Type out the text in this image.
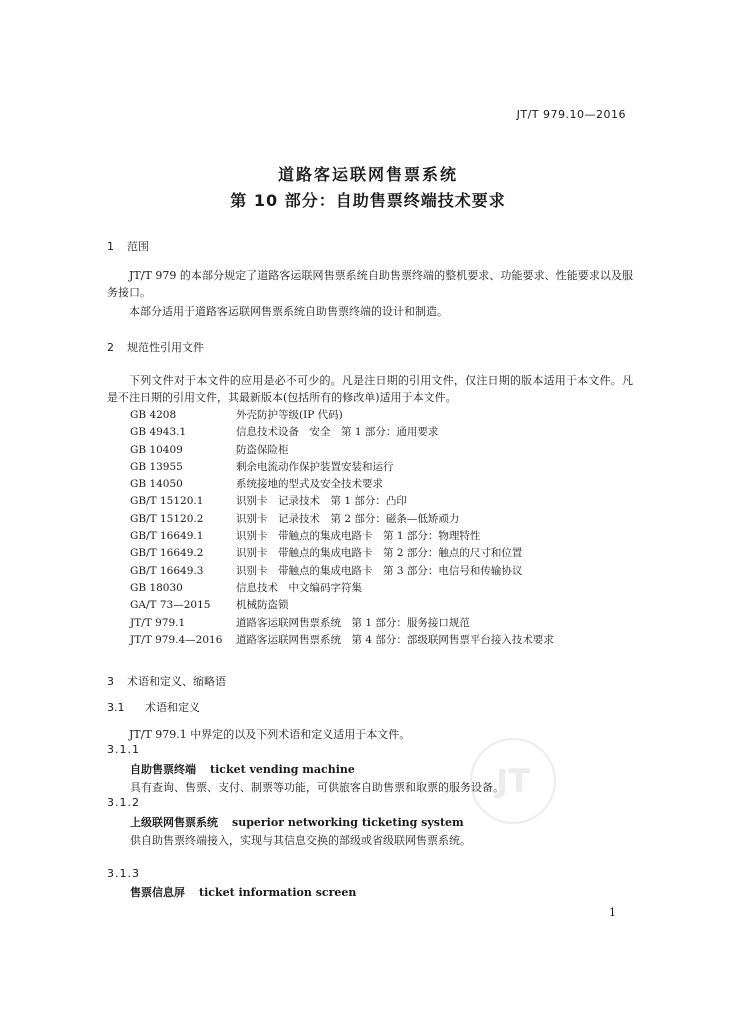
JT/T 979.10—2016
道路客运联网售票系统
第 10 部分：自助售票终端技术要求
1 范围
JT/T 979 的本部分规定了道路客运联网售票系统自助售票终端的整机要求、功能要求、性能要求以及服务接口。
本部分适用于道路客运联网售票系统自助售票终端的设计和制造。
2 规范性引用文件
下列文件对于本文件的应用是必不可少的。凡是注日期的引用文件，仅注日期的版本适用于本文件。凡是不注日期的引用文件，其最新版本(包括所有的修改单)适用于本文件。
GB 4208	外壳防护等级(IP 代码)
GB 4943.1	信息技术设备　安全　第 1 部分：通用要求
GB 10409	防盗保险柜
GB 13955	剩余电流动作保护装置安装和运行
GB 14050	系统接地的型式及安全技术要求
GB/T 15120.1	识别卡　记录技术　第 1 部分：凸印
GB/T 15120.2	识别卡　记录技术　第 2 部分：磁条—低矫顽力
GB/T 16649.1	识别卡　带触点的集成电路卡　第 1 部分：物理特性
GB/T 16649.2	识别卡　带触点的集成电路卡　第 2 部分：触点的尺寸和位置
GB/T 16649.3	识别卡　带触点的集成电路卡　第 3 部分：电信号和传输协议
GB 18030	信息技术　中文编码字符集
GA/T 73—2015 机械防盗锁
JT/T 979.1	道路客运联网售票系统　第 1 部分：服务接口规范
JT/T 979.4—2016 道路客运联网售票系统　第 4 部分：部级联网售票平台接入技术要求
3 术语和定义、缩略语
3.1 术语和定义
JT/T 979.1 中界定的以及下列术语和定义适用于本文件。
JT
3.1.1
自助售票终端 ticket vending machine
具有查询、售票、支付、制票等功能，可供旅客自助售票和取票的服务设备。
3.1.2
上级联网售票系统 superior networking ticketing system
供自助售票终端接入，实现与其信息交换的部级或省级联网售票系统。
3.1.3
售票信息屏 ticket information screen
1
